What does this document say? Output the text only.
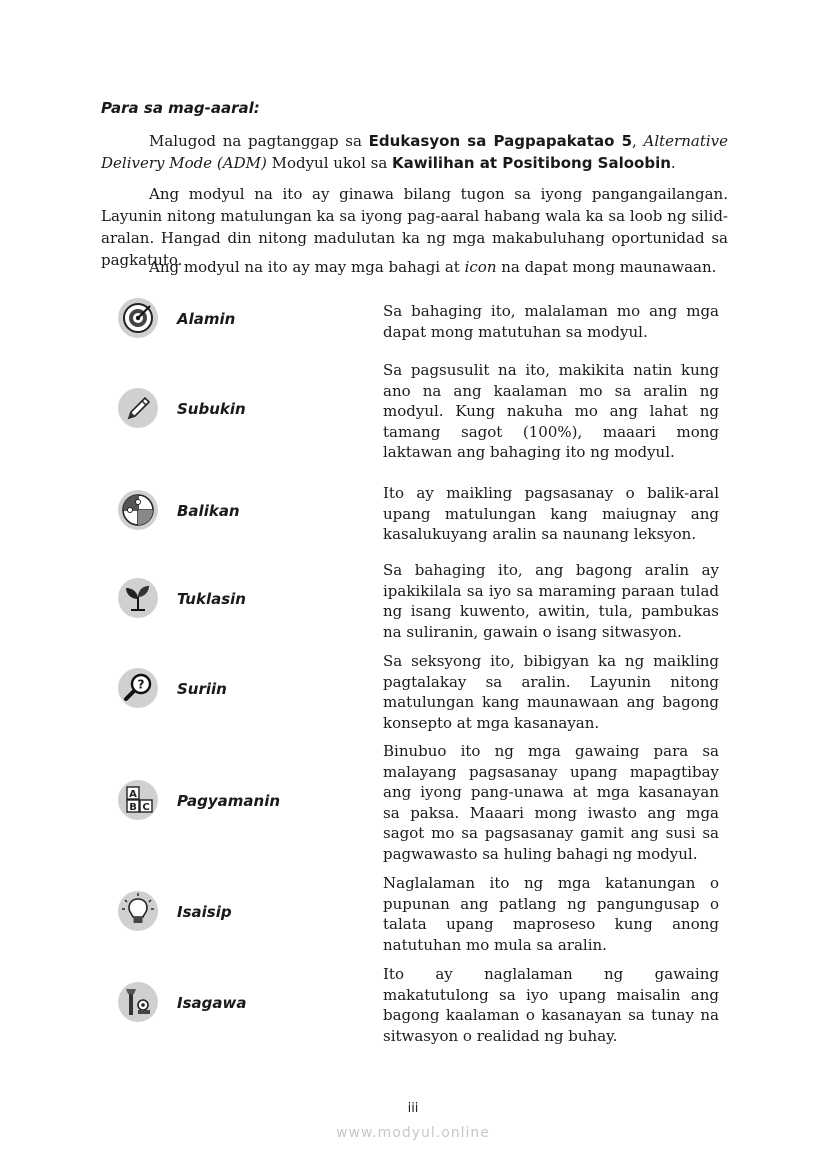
Para sa mag-aaral:

Malugod na pagtanggap sa Edukasyon sa Pagpapakatao 5, Alternative Delivery Mode (ADM) Modyul ukol sa Kawilihan at Positibong Saloobin.

Ang modyul na ito ay ginawa bilang tugon sa iyong pangangailangan. Layunin nitong matulungan ka sa iyong pag-aaral habang wala ka sa loob ng silid-aralan. Hangad din nitong madulutan ka ng mga makabuluhang oportunidad sa pagkatuto.

Ang modyul na ito ay may mga bahagi at icon na dapat mong maunawaan.

Alamin	Sa bahaging ito, malalaman mo ang mga dapat mong matutuhan sa modyul.

Subukin

Sa pagsusulit na ito, makikita natin kung ano na ang kaalaman mo sa aralin ng modyul. Kung nakuha mo ang lahat ng tamang sagot (100%), maaari mong laktawan ang bahaging ito ng modyul.

Balikan

Ito ay maikling pagsasanay o balik-aral upang matulungan kang maiugnay ang kasalukuyang aralin sa naunang leksyon.

Tuklasin

Sa bahaging ito, ang bagong aralin ay ipakikilala sa iyo sa maraming paraan tulad ng isang kuwento, awitin, tula, pambukas na suliranin, gawain o isang sitwasyon.

? Suriin

Sa seksyong ito, bibigyan ka ng maikling pagtalakay sa aralin. Layunin nitong matulungan kang maunawaan ang bagong konsepto at mga kasanayan.

A
B C Pagyamanin

Binubuo ito ng mga gawaing para sa malayang pagsasanay upang mapagtibay ang iyong pang-unawa at mga kasanayan sa paksa. Maaari mong iwasto ang mga sagot mo sa pagsasanay gamit ang susi sa pagwawasto sa huling bahagi ng modyul.

Isaisip

Naglalaman ito ng mga katanungan o pupunan ang patlang ng pangungusap o talata upang maproseso kung anong natutuhan mo mula sa aralin.

Isagawa

Ito ay naglalaman ng gawaing makatutulong sa iyo upang maisalin ang bagong kaalaman o kasanayan sa tunay na sitwasyon o realidad ng buhay.

iii
www.modyul.online
